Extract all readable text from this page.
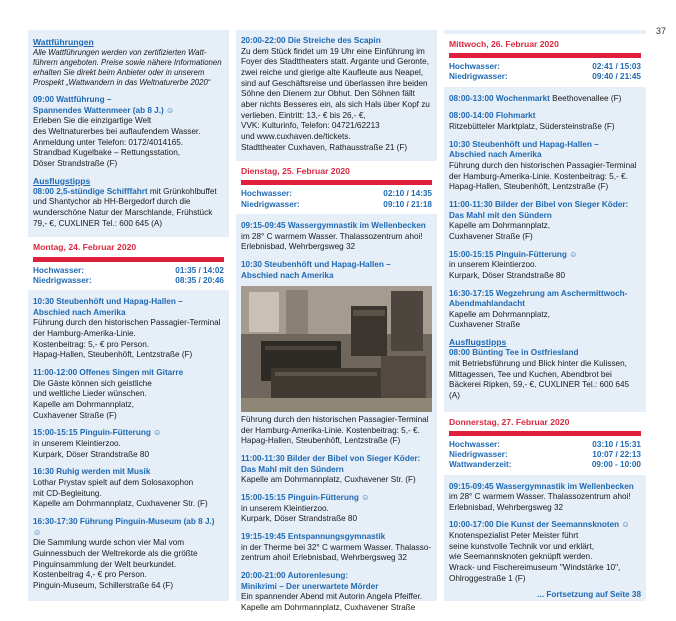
37
Wattführungen
Alle Wattführungen werden von zertifizierten Watt-führern angeboten. Preise sowie nähere Informationen erhalten Sie direkt beim Anbieter oder in unserem Prospekt „Wattwandern in das Weltnaturerbe 2020“
09:00 Wattführung –
Spannendes Wattenmeer (ab 8 J.) ☺
Erleben Sie die einzigartige Welt
des Weltnaturerbes bei auflaufendem Wasser.
Anmeldung unter Telefon: 0172/4014165.
Strandbad Kugelbake – Rettungsstation,
Döser Strandstraße (F)
Ausflugstipps
08:00 2,5-stündige Schifffahrt mit Grünkohlbuffet und Shantychor ab HH-Bergedorf durch die wunderschöne Natur der Marschlande, Frühstück 79,- €, CUXLINER Tel.: 600 645 (A)
Montag, 24. Februar 2020
Hochwasser:	01:35 / 14:02
Niedrigwasser:	08:35 / 20:46
10:30 Steubenhöft und Hapag-Hallen –
Abschied nach Amerika
Führung durch den historischen Passagier-Terminal der Hamburg-Amerika-Linie.
Kostenbeitrag: 5,- € pro Person.
Hapag-Hallen, Steubenhöft, Lentzstraße (F)
11:00-12:00 Offenes Singen mit Gitarre
Die Gäste können sich geistliche
und weltliche Lieder wünschen.
Kapelle am Dohrmannplatz,
Cuxhavener Straße (F)
15:00-15:15 Pinguin-Fütterung ☺
in unserem Kleintierzoo.
Kurpark, Döser Strandstraße 80
16:30 Ruhig werden mit Musik
Lothar Prystav spielt auf dem Solosaxophon
mit CD-Begleitung.
Kapelle am Dohrmannplatz, Cuxhavener Str. (F)
16:30-17:30 Führung Pinguin-Museum (ab 8 J.) ☺
Die Sammlung wurde schon vier Mal vom
Guinnessbuch der Weltrekorde als die größte
Pinguinsammlung der Welt beurkundet.
Kostenbeitrag 4,- € pro Person.
Pinguin-Museum, Schillerstraße 64 (F)
20:00-22:00 Die Streiche des Scapin
Zu dem Stück findet um 19 Uhr eine Einführung im Foyer des Stadttheaters statt. Argante und Geronte, zwei reiche und gierige alte Kaufleute aus Neapel, sind auf Geschäftsreise und überlassen ihre beiden Söhne den Dienern zur Obhut. Den Söhnen fällt aber nichts Besseres ein, als sich Hals über Kopf zu verlieben. Eintritt: 13,- € bis 26,- €,
VVK: Kulturinfo, Telefon: 04721/62213
und www.cuxhaven.de/tickets.
Stadttheater Cuxhaven, Rathausstraße 21 (F)
Dienstag, 25. Februar 2020
Hochwasser:	02:10 / 14:35
Niedrigwasser:	09:10 / 21:18
09:15-09:45 Wassergymnastik im Wellenbecken
im 28° C warmem Wasser. Thalassozentrum ahoi!
Erlebnisbad, Wehrbergsweg 32
10:30 Steubenhöft und Hapag-Hallen –
Abschied nach Amerika
Führung durch den historischen Passagier-Terminal der Hamburg-Amerika-Linie. Kostenbeitrag: 5,- €.
Hapag-Hallen, Steubenhöft, Lentzstraße (F)
11:00-11:30 Bilder der Bibel von Sieger Köder:
Das Mahl mit den Sündern
Kapelle am Dohrmannplatz, Cuxhavener Str. (F)
15:00-15:15 Pinguin-Fütterung ☺
in unserem Kleintierzoo.
Kurpark, Döser Strandstraße 80
19:15-19:45 Entspannungsgymnastik
in der Therme bei 32° C warmem Wasser. Thalasso-
zentrum ahoi! Erlebnisbad, Wehrbergsweg 32
20:00-21:00 Autorenlesung:
Minikrimi – Der unerwartete Mörder
Ein spannender Abend mit Autorin Angela Pfeiffer.
Kapelle am Dohrmannplatz, Cuxhavener Straße
Mittwoch, 26. Februar 2020
Hochwasser:	02:41 / 15:03
Niedrigwasser:	09:40 / 21:45
08:00-13:00 Wochenmarkt Beethovenallee (F)
08:00-14:00 Flohmarkt
Ritzebütteler Marktplatz, Südersteinstraße (F)
10:30 Steubenhöft und Hapag-Hallen –
Abschied nach Amerika
Führung durch den historischen Passagier-Terminal der Hamburg-Amerika-Linie. Kostenbeitrag: 5,- €.
Hapag-Hallen, Steubenhöft, Lentzstraße (F)
11:00-11:30 Bilder der Bibel von Sieger Köder:
Das Mahl mit den Sündern
Kapelle am Dohrmannplatz,
Cuxhavener Straße (F)
15:00-15:15 Pinguin-Fütterung ☺
in unserem Kleintierzoo.
Kurpark, Döser Strandstraße 80
16:30-17:15 Wegzehrung am Aschermittwoch-
Abendmahlandacht
Kapelle am Dohrmannplatz,
Cuxhavener Straße
Ausflugstipps
08:00 Bünting Tee in Ostfriesland
mit Betriebsführung und Blick hinter die Kulissen, Mittagessen, Tee und Kuchen, Abendbrot bei Bäckerei Ripken, 59,- €, CUXLINER Tel.: 600 645 (A)
Donnerstag, 27. Februar 2020
Hochwasser:	03:10 / 15:31
Niedrigwasser:	10:07 / 22:13
Wattwanderzeit:	09:00 - 10:00
09:15-09:45 Wassergymnastik im Wellenbecken
im 28° C warmem Wasser. Thalassozentrum ahoi!
Erlebnisbad, Wehrbergsweg 32
10:00-17:00 Die Kunst der Seemannsknoten ☺
Knotenspezialist Peter Meister führt
seine kunstvolle Technik vor und erklärt,
wie Seemannsknoten geknüpft werden.
Wrack- und Fischereimuseum "Windstärke 10",
Ohlroggestraße 1 (F)
... Fortsetzung auf Seite 38
